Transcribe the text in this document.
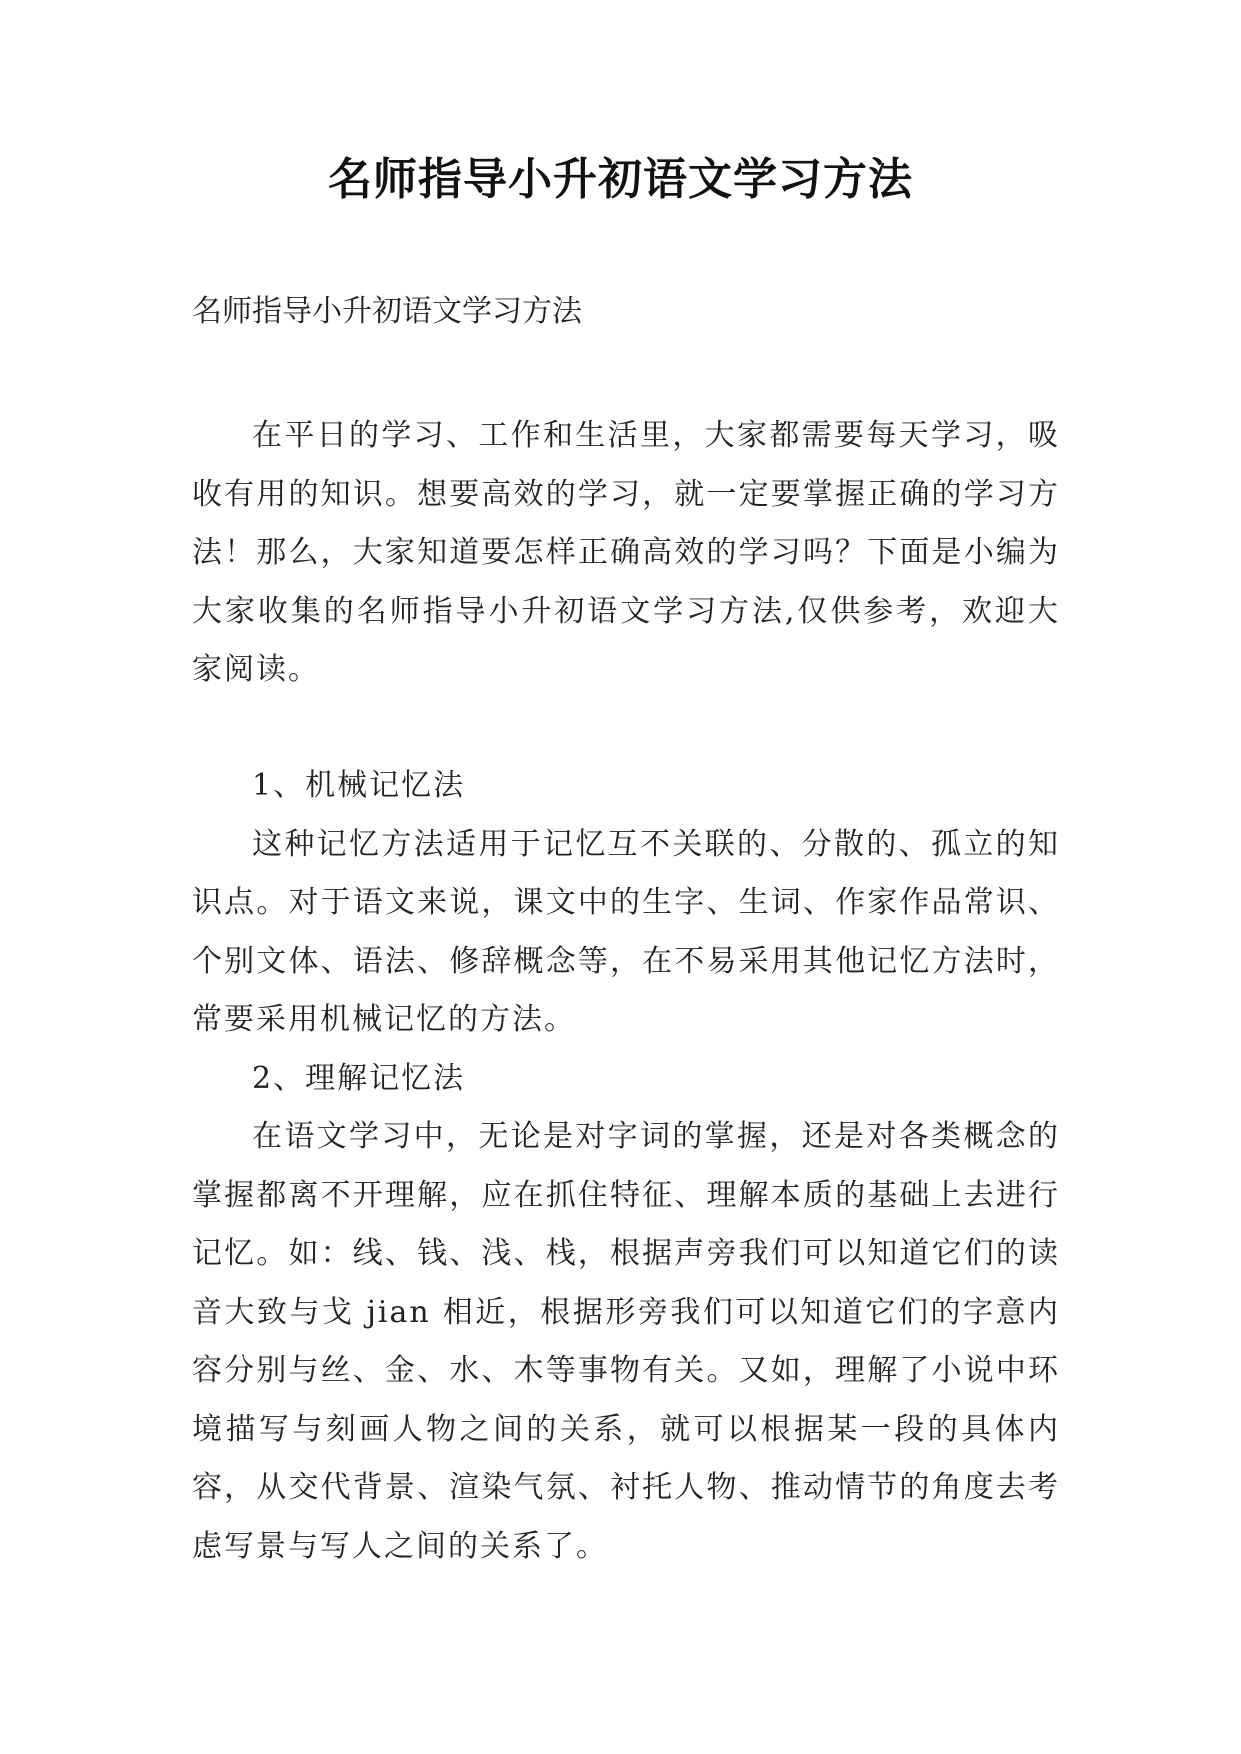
名师指导小升初语文学习方法
名师指导小升初语文学习方法

在平日的学习、工作和生活里，大家都需要每天学习，吸收有用的知识。想要高效的学习，就一定要掌握正确的学习方法！那么，大家知道要怎样正确高效的学习吗？下面是小编为大家收集的名师指导小升初语文学习方法,仅供参考，欢迎大家阅读。

1、机械记忆法

这种记忆方法适用于记忆互不关联的、分散的、孤立的知识点。对于语文来说，课文中的生字、生词、作家作品常识、个别文体、语法、修辞概念等，在不易采用其他记忆方法时，常要采用机械记忆的方法。

2、理解记忆法

在语文学习中，无论是对字词的掌握，还是对各类概念的掌握都离不开理解，应在抓住特征、理解本质的基础上去进行记忆。如：线、钱、浅、栈，根据声旁我们可以知道它们的读音大致与戈 jian 相近，根据形旁我们可以知道它们的字意内容分别与丝、金、水、木等事物有关。又如，理解了小说中环境描写与刻画人物之间的关系，就可以根据某一段的具体内容，从交代背景、渲染气氛、衬托人物、推动情节的角度去考虑写景与写人之间的关系了。
